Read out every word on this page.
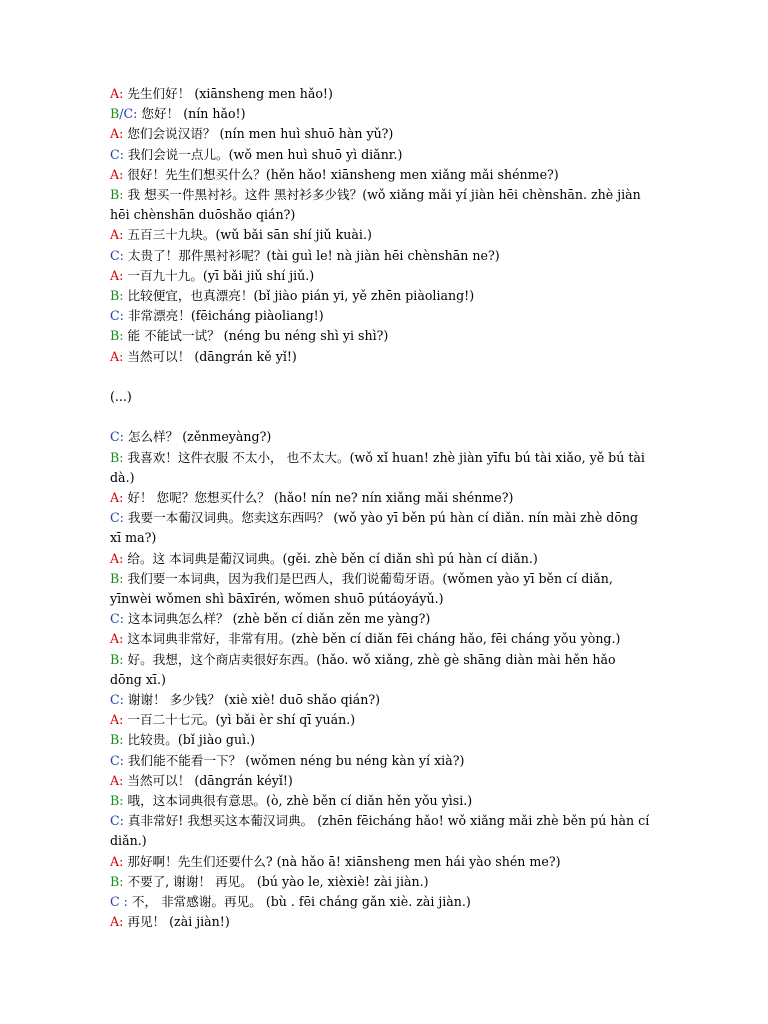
A: 先生们好！ (xiānsheng men hǎo!)

B/C: 您好！ (nín hǎo!)

A: 您们会说汉语？ (nín men huì shuō hàn yǔ?)

C: 我们会说一点儿。(wǒ men huì shuō yì diǎnr.)

A: 很好！先生们想买什么？(hěn hǎo! xiānsheng men xiǎng mǎi shénme?)

B: 我 想买一件黑衬衫。这件 黑衬衫多少钱？(wǒ xiǎng mǎi yí jiàn hēi chènshān. zhè jiàn hēi chènshān duōshǎo qián?)

A: 五百三十九块。(wǔ bǎi sān shí jiǔ kuài.)

C: 太贵了！那件黑衬衫呢？(tài guì le! nà jiàn hēi chènshān ne?)

A: 一百九十九。(yī bǎi jiǔ shí jiǔ.)

B: 比较便宜，也真漂亮！(bǐ jiào pián yi, yě zhēn piàoliang!)

C: 非常漂亮！(fēicháng piàoliang!)

B: 能 不能试一试？ (néng bu néng shì yi shì?)

A: 当然可以！ (dāngrán kě yǐ!)

(...)

C: 怎么样？ (zěnmeyàng?)

B: 我喜欢！这件衣服 不太小， 也不太大。(wǒ xǐ huan! zhè jiàn yīfu bú tài xiǎo, yě bú tài dà.)

A: 好！ 您呢？您想买什么？ (hǎo! nín ne? nín xiǎng mǎi shénme?)

C: 我要一本葡汉词典。您卖这东西吗？ (wǒ yào yī běn pú hàn cí diǎn. nín mài zhè dōng xī ma?)

A: 给。这 本词典是葡汉词典。(gěi. zhè běn cí diǎn shì pú hàn cí diǎn.)

B: 我们要一本词典，因为我们是巴西人，我们说葡萄牙语。(wǒmen yào yī běn cí diǎn, yīnwèi wǒmen shì bāxīrén, wǒmen shuō pútáoyáyǔ.)

C: 这本词典怎么样？ (zhè běn cí diǎn zěn me yàng?)

A: 这本词典非常好，非常有用。(zhè běn cí diǎn fēi cháng hǎo, fēi cháng yǒu yòng.)

B: 好。我想，这个商店卖很好东西。(hǎo. wǒ xiǎng, zhè gè shāng diàn mài hěn hǎo dōng xī.)

C: 谢谢！ 多少钱？ (xiè xiè! duō shǎo qián?)

A: 一百二十七元。(yì bǎi èr shí qī yuán.)

B: 比较贵。(bǐ jiào guì.)

C: 我们能不能看一下？ (wǒmen néng bu néng kàn yí xià?)

A: 当然可以！ (dāngrán kéyǐ!)

B: 哦，这本词典很有意思。(ò, zhè běn cí diǎn hěn yǒu yìsi.)

C: 真非常好! 我想买这本葡汉词典。 (zhēn fēicháng hǎo! wǒ xiǎng mǎi zhè běn pú hàn cí diǎn.)

A: 那好啊！先生们还要什么? (nà hǎo ā! xiānsheng men hái yào shén me?)

B: 不要了, 谢谢！ 再见。 (bú yào le, xièxiè! zài jiàn.)

C : 不， 非常感谢。再见。 (bù . fēi cháng gǎn xiè. zài jiàn.)

A: 再见！ (zài jiàn!)
